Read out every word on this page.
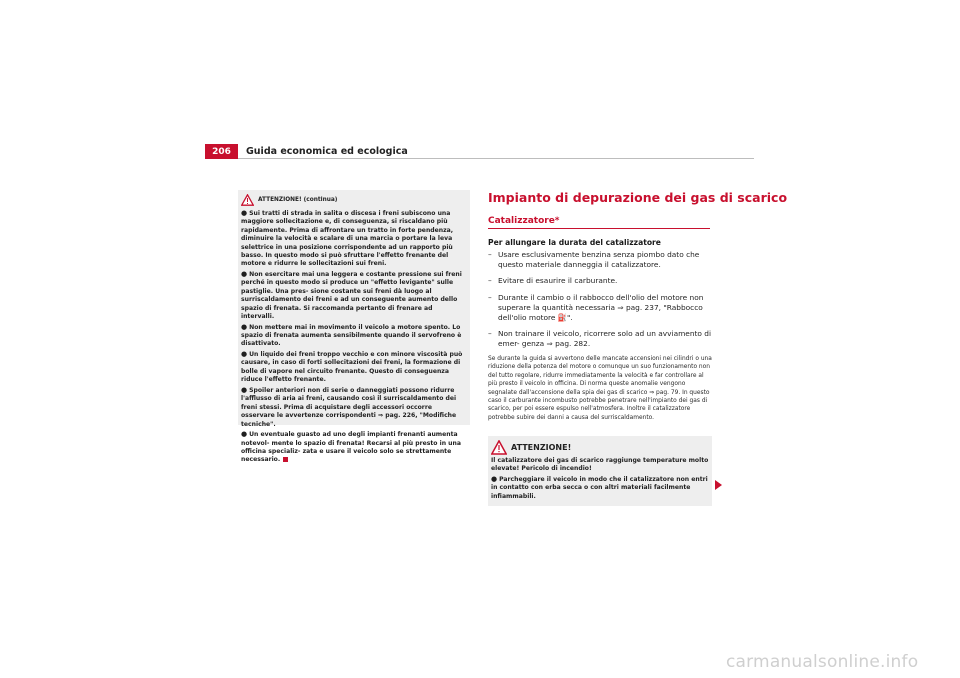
206	Guida economica ed ecologica
ATTENZIONE! (continua)

● Sui tratti di strada in salita o discesa i freni subiscono una maggiore sollecitazione e, di conseguenza, si riscaldano più rapidamente. Prima di affrontare un tratto in forte pendenza, diminuire la velocità e scalare di una marcia o portare la leva selettrice in una posizione corrispondente ad un rapporto più basso. In questo modo si può sfruttare l'effetto frenante del motore e ridurre le sollecitazioni sui freni.

● Non esercitare mai una leggera e costante pressione sui freni perché in questo modo si produce un "effetto levigante" sulle pastiglie. Una pres- sione costante sui freni dà luogo al surriscaldamento dei freni e ad un conseguente aumento dello spazio di frenata. Si raccomanda pertanto di frenare ad intervalli.

● Non mettere mai in movimento il veicolo a motore spento. Lo spazio di frenata aumenta sensibilmente quando il servofreno è disattivato.

● Un liquido dei freni troppo vecchio e con minore viscosità può causare, in caso di forti sollecitazioni dei freni, la formazione di bolle di vapore nel circuito frenante. Questo di conseguenza riduce l'effetto frenante.

● Spoiler anteriori non di serie o danneggiati possono ridurre l'afflusso di aria ai freni, causando così il surriscaldamento dei freni stessi. Prima di acquistare degli accessori occorre osservare le avvertenze corrispondenti ⇒ pag. 226, "Modifiche tecniche".

● Un eventuale guasto ad uno degli impianti frenanti aumenta notevol- mente lo spazio di frenata! Recarsi al più presto in una officina specializ- zata e usare il veicolo solo se strettamente necessario.

Impianto di depurazione dei gas di scarico
Catalizzatore*
Per allungare la durata del catalizzatore
– Usare esclusivamente benzina senza piombo dato che questo materiale danneggia il catalizzatore.
– Evitare di esaurire il carburante.
– Durante il cambio o il rabbocco dell'olio del motore non superare la quantità necessaria ⇒ pag. 237, "Rabbocco dell'olio motore ⛽".
– Non trainare il veicolo, ricorrere solo ad un avviamento di emer- genza ⇒ pag. 282.
Se durante la guida si avvertono delle mancate accensioni nei cilindri o una riduzione della potenza del motore o comunque un suo funzionamento non del tutto regolare, ridurre immediatamente la velocità e far controllare al più presto il veicolo in officina. Di norma queste anomalie vengono segnalate dall'accensione della spia dei gas di scarico ⇒ pag. 79. In questo caso il carburante incombusto potrebbe penetrare nell'impianto dei gas di scarico, per poi essere espulso nell'atmosfera. Inoltre il catalizzatore potrebbe subire dei danni a causa del surriscaldamento.
ATTENZIONE!

Il catalizzatore dei gas di scarico raggiunge temperature molto elevate! Pericolo di incendio!

● Parcheggiare il veicolo in modo che il catalizzatore non entri in contatto con erba secca o con altri materiali facilmente infiammabili.

carmanualsonline.info
